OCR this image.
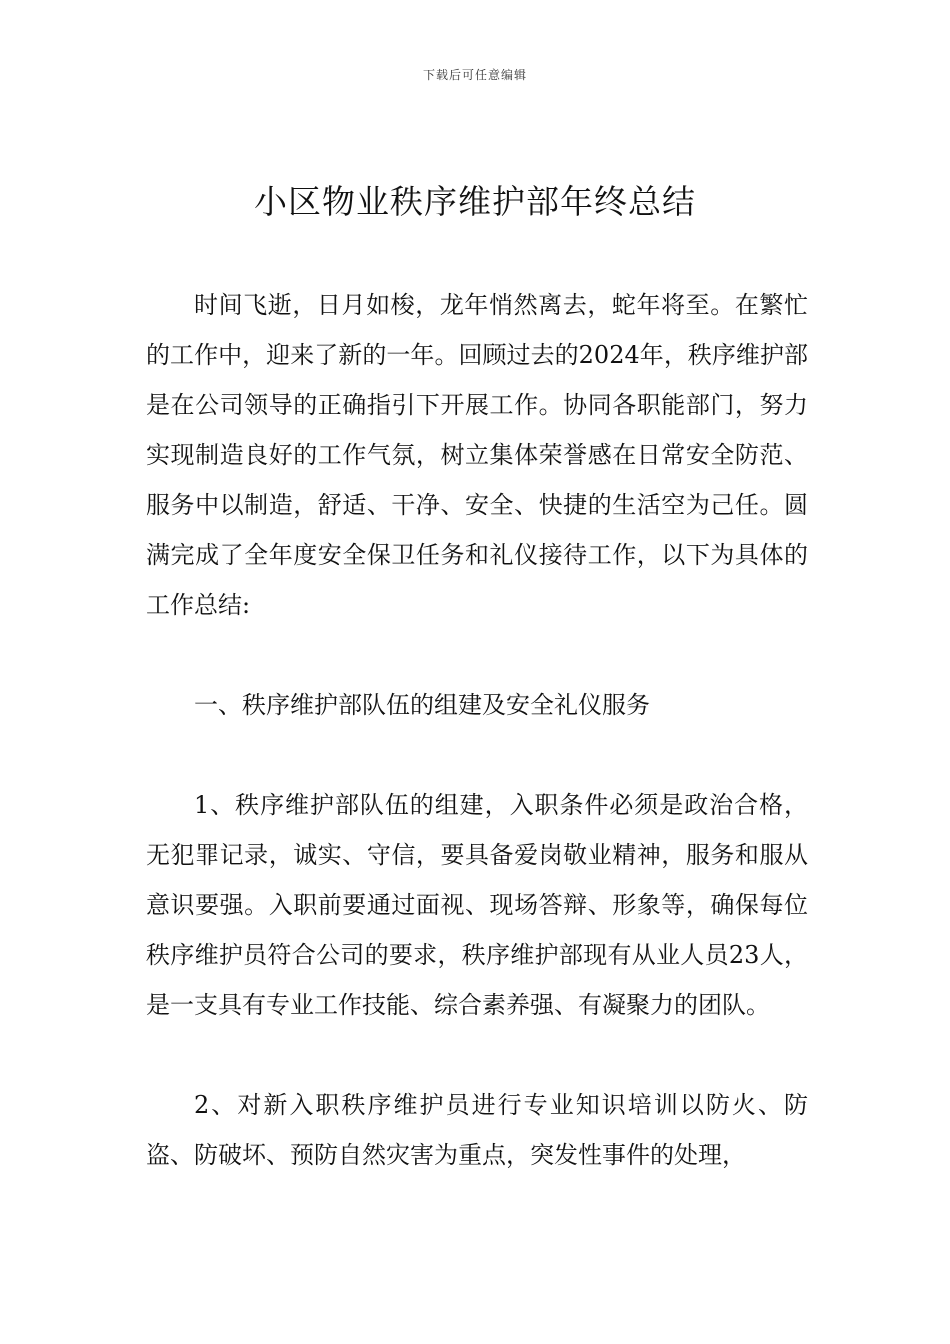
下载后可任意编辑
小区物业秩序维护部年终总结

时间飞逝，日月如梭，龙年悄然离去，蛇年将至。在繁忙的工作中，迎来了新的一年。回顾过去的2024年，秩序维护部是在公司领导的正确指引下开展工作。协同各职能部门，努力实现制造良好的工作气氛，树立集体荣誉感在日常安全防范、服务中以制造，舒适、干净、安全、快捷的生活空为己任。圆满完成了全年度安全保卫任务和礼仪接待工作，以下为具体的工作总结:

一、秩序维护部队伍的组建及安全礼仪服务

1、秩序维护部队伍的组建，入职条件必须是政治合格，无犯罪记录，诚实、守信，要具备爱岗敬业精神，服务和服从意识要强。入职前要通过面视、现场答辩、形象等，确保每位秩序维护员符合公司的要求，秩序维护部现有从业人员23人，是一支具有专业工作技能、综合素养强、有凝聚力的团队。

2、对新入职秩序维护员进行专业知识培训以防火、防盗、防破坏、预防自然灾害为重点，突发性事件的处理，
